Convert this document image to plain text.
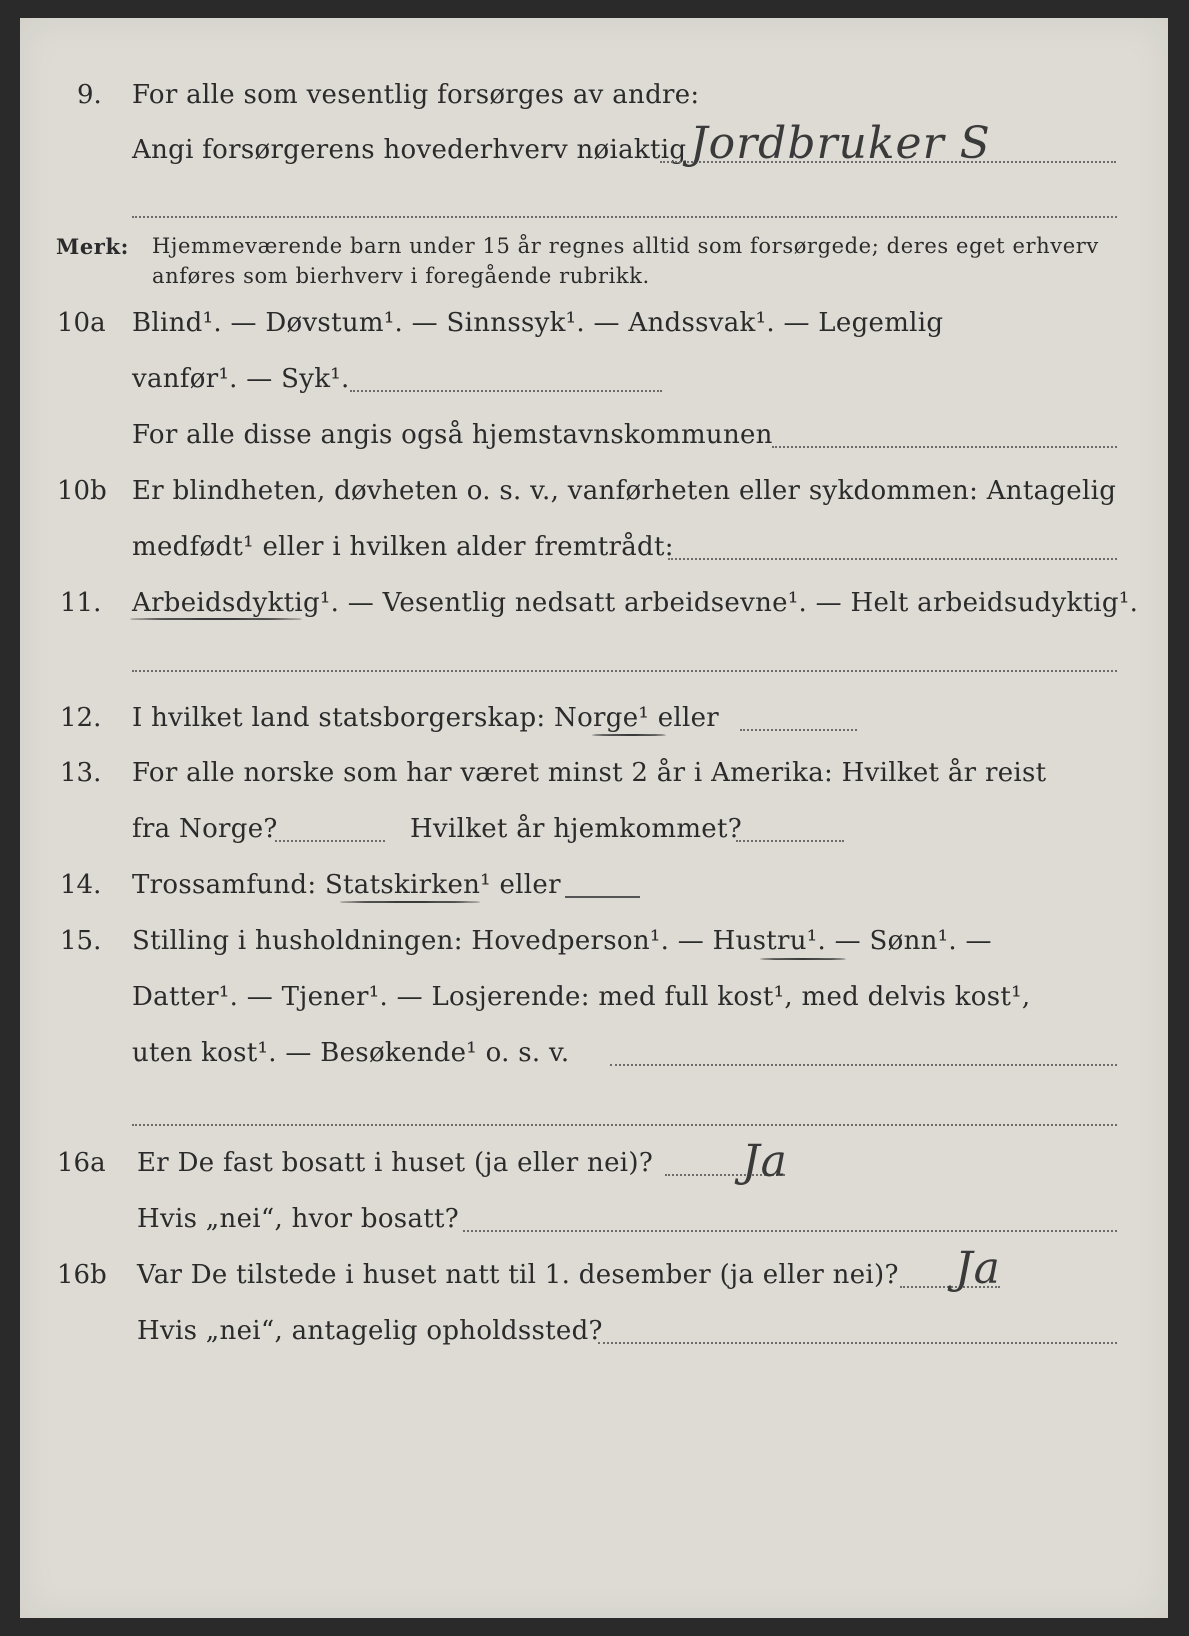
9. For alle som vesentlig forsørges av andre:
Angi forsørgerens hovederhverv nøiaktig Jordbruker S
Merk: Hjemmeværende barn under 15 år regnes alltid som forsørgede; deres eget erhverv
anføres som bierhverv i foregående rubrikk.
10a Blind¹. — Døvstum¹. — Sinnssyk¹. — Andssvak¹. — Legemlig
vanfør¹. — Syk¹.
For alle disse angis også hjemstavnskommunen
10b Er blindheten, døvheten o. s. v., vanførheten eller sykdommen: Antagelig
medfødt¹ eller i hvilken alder fremtrådt:
11. Arbeidsdyktig¹. — Vesentlig nedsatt arbeidsevne¹. — Helt arbeidsudyktig¹.
12. I hvilket land statsborgerskap: Norge¹ eller
13. For alle norske som har været minst 2 år i Amerika: Hvilket år reist
fra Norge?	Hvilket år hjemkommet?
14. Trossamfund: Statskirken¹ eller
15. Stilling i husholdningen: Hovedperson¹. — Hustru¹. — Sønn¹. —
Datter¹. — Tjener¹. — Losjerende: med full kost¹, med delvis kost¹,
uten kost¹. — Besøkende¹ o. s. v.
16a Er De fast bosatt i huset (ja eller nei)? Ja
Hvis „nei“, hvor bosatt?
16b Var De tilstede i huset natt til 1. desember (ja eller nei)? Ja
Hvis „nei“, antagelig opholdssted?
